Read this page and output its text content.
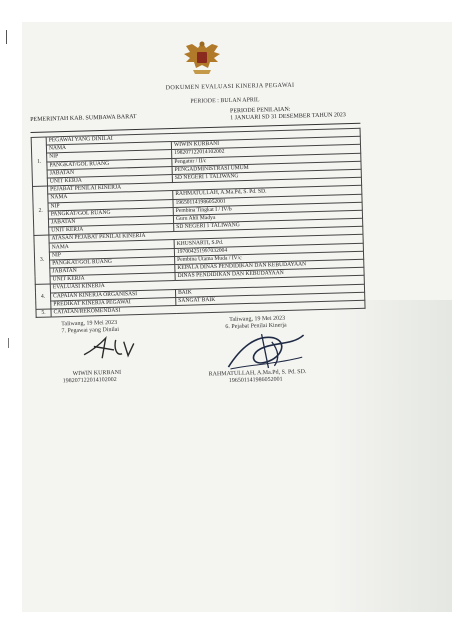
DOKUMEN EVALUASI KINERJA PEGAWAI
PERIODE : BULAN APRIL
PEMERINTAH KAB. SUMBAWA BARAT
PERIODE PENILAIAN:
1 JANUARI SD 31 DESEMBER TAHUN 2023
1.	PEGAWAI YANG DINILAI	
	NAMA	WIWIN KURBANI
	NIP	198207122014102002
	PANGKAT/GOL RUANG	Pengatur / II/c
	JABATAN	PENGADMINISTRASI UMUM
	UNIT KERJA	SD NEGERI 1 TALIWANG
2.	PEJABAT PENILAI KINERJA	
	NAMA	RAHMATULLAH, A.Ma.Pd, S. Pd. SD.
	NIP	196501141986052001
	PANGKAT/GOL RUANG	Pembina Tingkat I / IV/b
	JABATAN	Guru Ahli Madya
	UNIT KERJA	SD NEGERI 1 TALIWANG
3.	ATASAN PEJABAT PENILAI KINERJA	
	NAMA	KHUSNARTI, S.Pd.
	NIP	197004251997032004
	PANGKAT/GOL RUANG	Pembina Utama Muda / IV/c
	JABATAN	KEPALA DINAS PENDIDIKAN DAN KEBUDAYAAN
	UNIT KERJA	DINAS PENDIDIKAN DAN KEBUDAYAAN
4.	EVALUASI KINERJA	
	CAPAIAN KINERJA ORGANISASI	BAIK
	PREDIKAT KINERJA PEGAWAI	SANGAT BAIK
5.	CATATAN/REKOMENDASI	
Taliwang, 19 Mei 2023
6. Pejabat Penilai Kinerja
RAHMATULLAH, A.Ma.Pd, S. Pd. SD.
196501141986052001
Taliwang, 19 Mei 2023
7. Pegawai yang Dinilai
WIWIN KURBANI
198207122014102002
